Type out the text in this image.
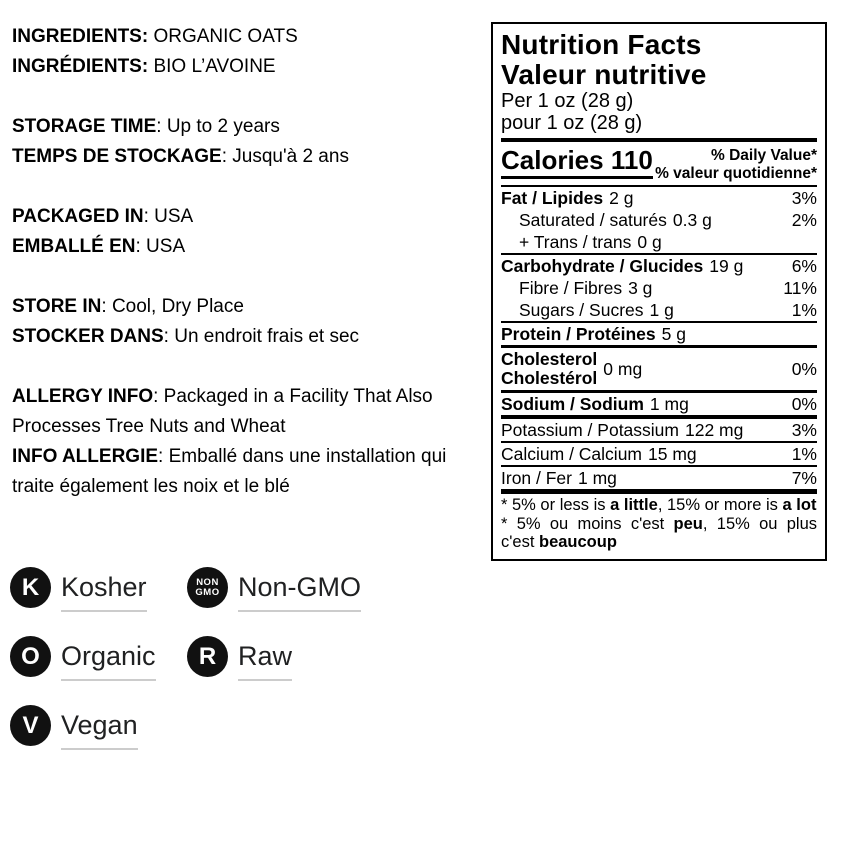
INGREDIENTS: ORGANIC OATS
INGRÉDIENTS: BIO L’AVOINE
STORAGE TIME: Up to 2 years
TEMPS DE STOCKAGE: Jusqu'à 2 ans
PACKAGED IN: USA
EMBALLÉ EN: USA
STORE IN: Cool, Dry Place
STOCKER DANS: Un endroit frais et sec
ALLERGY INFO: Packaged in a Facility That Also Processes Tree Nuts and Wheat
INFO ALLERGIE: Emballé dans une installation qui traite également les noix et le blé
Nutrition Facts
Valeur nutritive
Per 1 oz (28 g)
pour 1 oz (28 g)
Calories 110	% Daily Value*
% valeur quotidienne*
Fat / Lipides 2 g	3%
Saturated / saturés 0.3 g	2%
+ Trans / trans 0 g
Carbohydrate / Glucides 19 g	6%
Fibre / Fibres 3 g	11%
Sugars / Sucres 1 g	1%
Protein / Protéines 5 g
Cholesterol
Cholestérol 0 mg	0%
Sodium / Sodium 1 mg	0%
Potassium / Potassium 122 mg	3%
Calcium / Calcium 15 mg	1%
Iron / Fer 1 mg	7%
* 5% or less is a little, 15% or more is a lot
* 5% ou moins c'est peu, 15% ou plus c'est beaucoup
K Kosher	NON
GMO Non-GMO
O Organic R Raw
V Vegan
